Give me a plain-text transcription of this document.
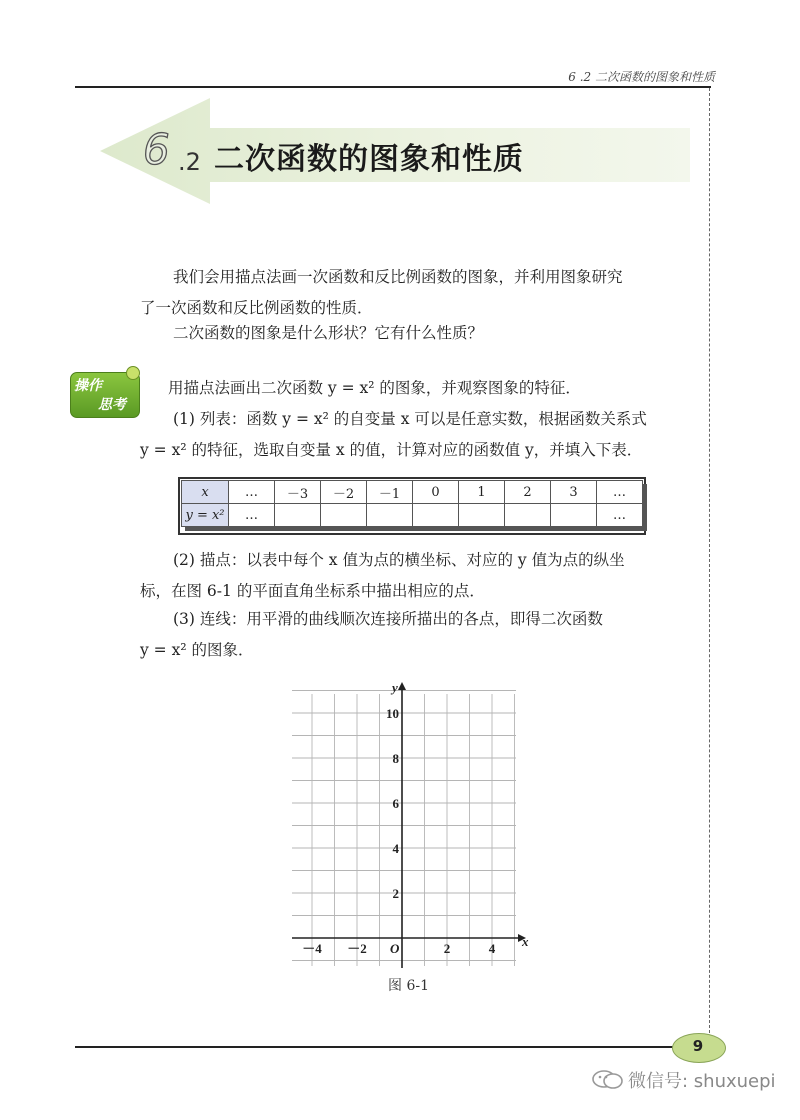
6 .2 二次函数的图象和性质
6 .2 二次函数的图象和性质
我们会用描点法画一次函数和反比例函数的图象，并利用图象研究
了一次函数和反比例函数的性质．
二次函数的图象是什么形状？它有什么性质？
操作
思考
用描点法画出二次函数 y = x² 的图象，并观察图象的特征．
(1) 列表：函数 y = x² 的自变量 x 可以是任意实数，根据函数关系式
y = x² 的特征，选取自变量 x 的值，计算对应的函数值 y，并填入下表．
x	…	－3	－2	－1	0	1	2	3	…
y = x²	…								…
(2) 描点：以表中每个 x 值为点的横坐标、对应的 y 值为点的纵坐
标，在图 6-1 的平面直角坐标系中描出相应的点．
(3) 连线：用平滑的曲线顺次连接所描出的各点，即得二次函数
y = x² 的图象．
－4 －2	2	4
2
4
6
8
10
x
y
O
图 6-1
9
微信号: shuxuepi
